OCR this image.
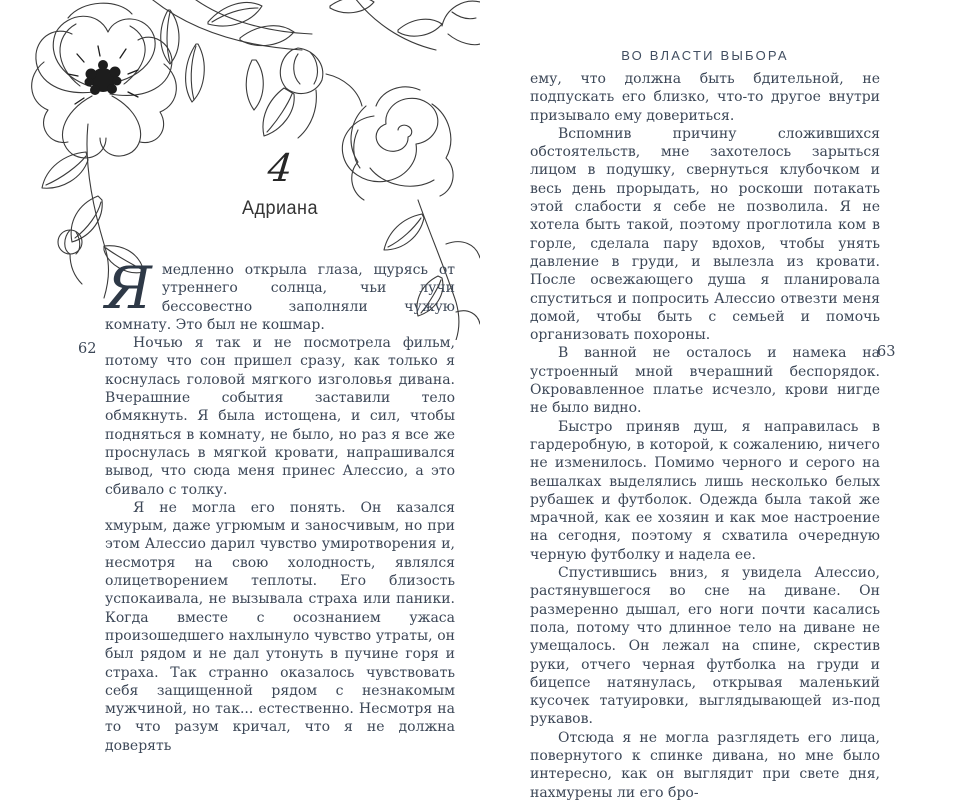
4
Адриана

Ямедленно открыла глаза, щурясь от утреннего солнца, чьи лучи бессовестно заполняли чужую комнату. Это был не кошмар.

Ночью я так и не посмотрела фильм, потому что сон пришел сразу, как только я коснулась головой мягкого изголовья дивана. Вчерашние события заставили тело обмякнуть. Я была истощена, и сил, чтобы подняться в комнату, не было, но раз я все же проснулась в мягкой кровати, напрашивался вывод, что сюда меня принес Алессио, а это сбивало с толку.

Я не могла его понять. Он казался хмурым, даже угрюмым и заносчивым, но при этом Алессио дарил чувство умиротворения и, несмотря на свою холодность, являлся олицетворением теплоты. Его близость успокаивала, не вызывала страха или паники. Когда вместе с осознанием ужаса произошедшего нахлынуло чувство утраты, он был рядом и не дал утонуть в пучине горя и страха. Так странно оказалось чувствовать себя защищенной рядом с незнакомым мужчиной, но так... естественно. Несмотря на то что разум кричал, что я не должна доверять

62
ВО ВЛАСТИ ВЫБОРА

ему, что должна быть бдительной, не подпускать его близко, что-то другое внутри призывало ему довериться.

Вспомнив причину сложившихся обстоятельств, мне захотелось зарыться лицом в подушку, свернуться клубочком и весь день прорыдать, но роскоши потакать этой слабости я себе не позволила. Я не хотела быть такой, поэтому проглотила ком в горле, сделала пару вдохов, чтобы унять давление в груди, и вылезла из кровати. После освежающего душа я планировала спуститься и попросить Алессио отвезти меня домой, чтобы быть с семьей и помочь организовать похороны.

В ванной не осталось и намека на устроенный мной вчерашний беспорядок. Окровавленное платье исчезло, крови нигде не было видно.

Быстро приняв душ, я направилась в гардеробную, в которой, к сожалению, ничего не изменилось. Помимо черного и серого на вешалках выделялись лишь несколько белых рубашек и футболок. Одежда была такой же мрачной, как ее хозяин и как мое настроение на сегодня, поэтому я схватила очередную черную футболку и надела ее.

Спустившись вниз, я увидела Алессио, растянувшегося во сне на диване. Он размеренно дышал, его ноги почти касались пола, потому что длинное тело на диване не умещалось. Он лежал на спине, скрестив руки, отчего черная футболка на груди и бицепсе натянулась, открывая маленький кусочек татуировки, выглядывающей из-под рукавов.

Отсюда я не могла разглядеть его лица, повернутого к спинке дивана, но мне было интересно, как он выглядит при свете дня, нахмурены ли его бро-

63
